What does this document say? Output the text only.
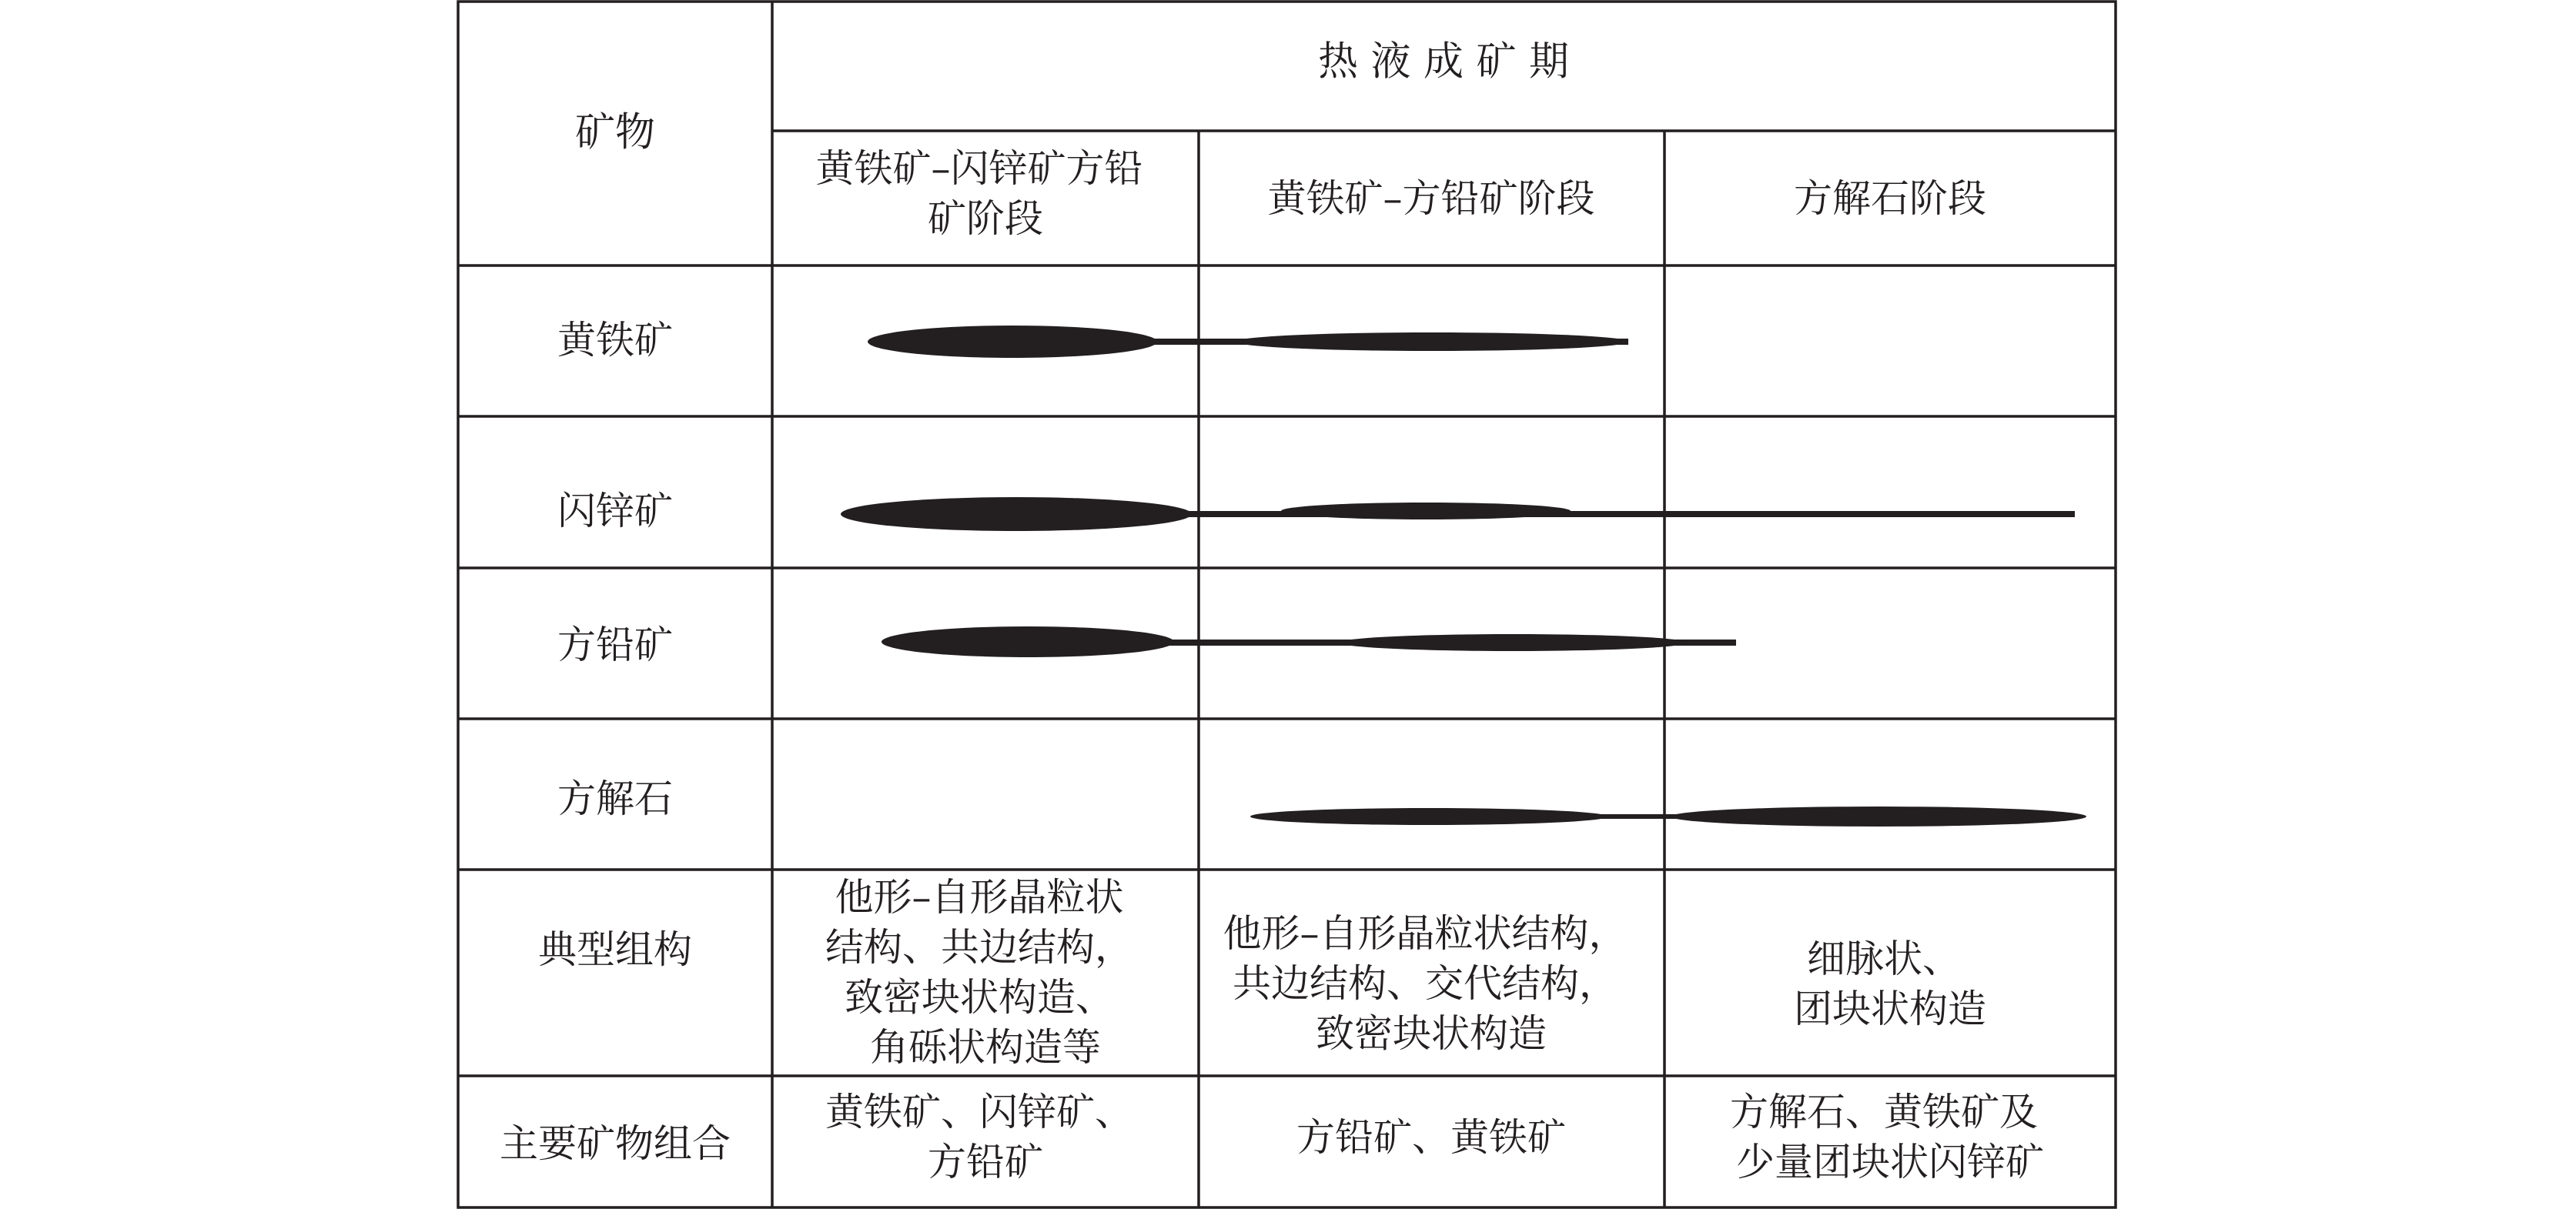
矿物
热 液 成 矿 期
黄铁矿–闪锌矿方铅 矿阶段	黄铁矿–方铅矿阶段	方解石阶段
黄铁矿
闪锌矿
方铅矿
方解石
典型组构
他形–自形晶粒状 结构、共边结构， 致密块状构造、 角砾状构造等
他形–自形晶粒状结构， 共边结构、交代结构， 致密块状构造
细脉状、 团块状构造
主要矿物组合
黄铁矿、闪锌矿、 方铅矿
方铅矿、黄铁矿
方解石、黄铁矿及 少量团块状闪锌矿
